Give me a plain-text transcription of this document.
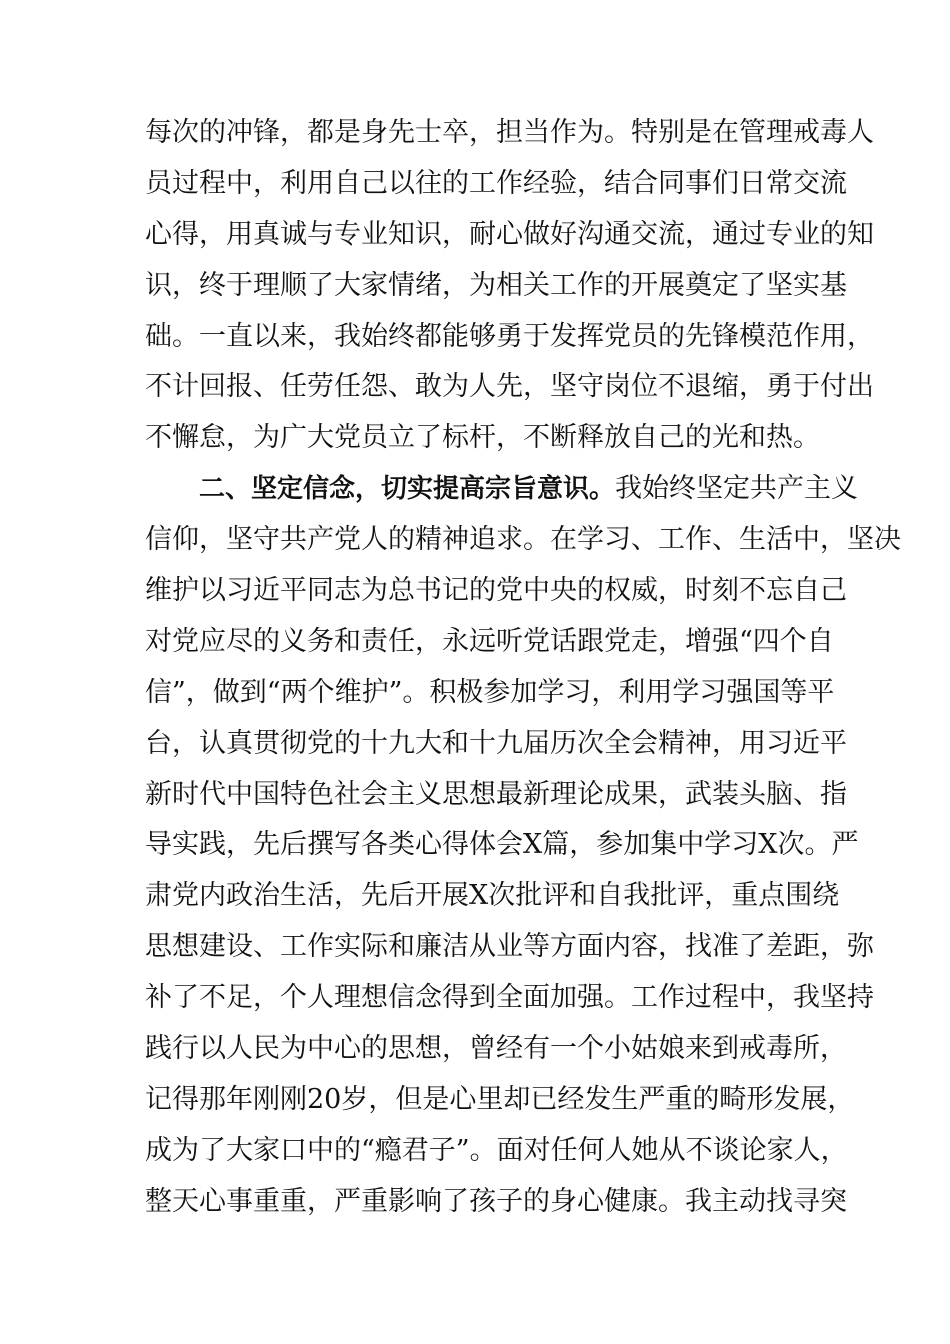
每次的冲锋，都是身先士卒，担当作为。特别是在管理戒毒人
员过程中，利用自己以往的工作经验，结合同事们日常交流
心得，用真诚与专业知识，耐心做好沟通交流，通过专业的知
识，终于理顺了大家情绪，为相关工作的开展奠定了坚实基
础。一直以来，我始终都能够勇于发挥党员的先锋模范作用，
不计回报、任劳任怨、敢为人先，坚守岗位不退缩，勇于付出
不懈怠，为广大党员立了标杆，不断释放自己的光和热。
二、坚定信念，切实提高宗旨意识。我始终坚定共产主义
信仰，坚守共产党人的精神追求。在学习、工作、生活中，坚决
维护以习近平同志为总书记的党中央的权威，时刻不忘自己
对党应尽的义务和责任，永远听党话跟党走，增强“四个自
信”，做到“两个维护”。积极参加学习，利用学习强国等平
台，认真贯彻党的十九大和十九届历次全会精神，用习近平
新时代中国特色社会主义思想最新理论成果，武装头脑、指
导实践，先后撰写各类心得体会X篇，参加集中学习X次。严
肃党内政治生活，先后开展X次批评和自我批评，重点围绕
思想建设、工作实际和廉洁从业等方面内容，找准了差距，弥
补了不足，个人理想信念得到全面加强。工作过程中，我坚持
践行以人民为中心的思想，曾经有一个小姑娘来到戒毒所，
记得那年刚刚20岁，但是心里却已经发生严重的畸形发展，
成为了大家口中的“瘾君子”。面对任何人她从不谈论家人，
整天心事重重，严重影响了孩子的身心健康。我主动找寻突
